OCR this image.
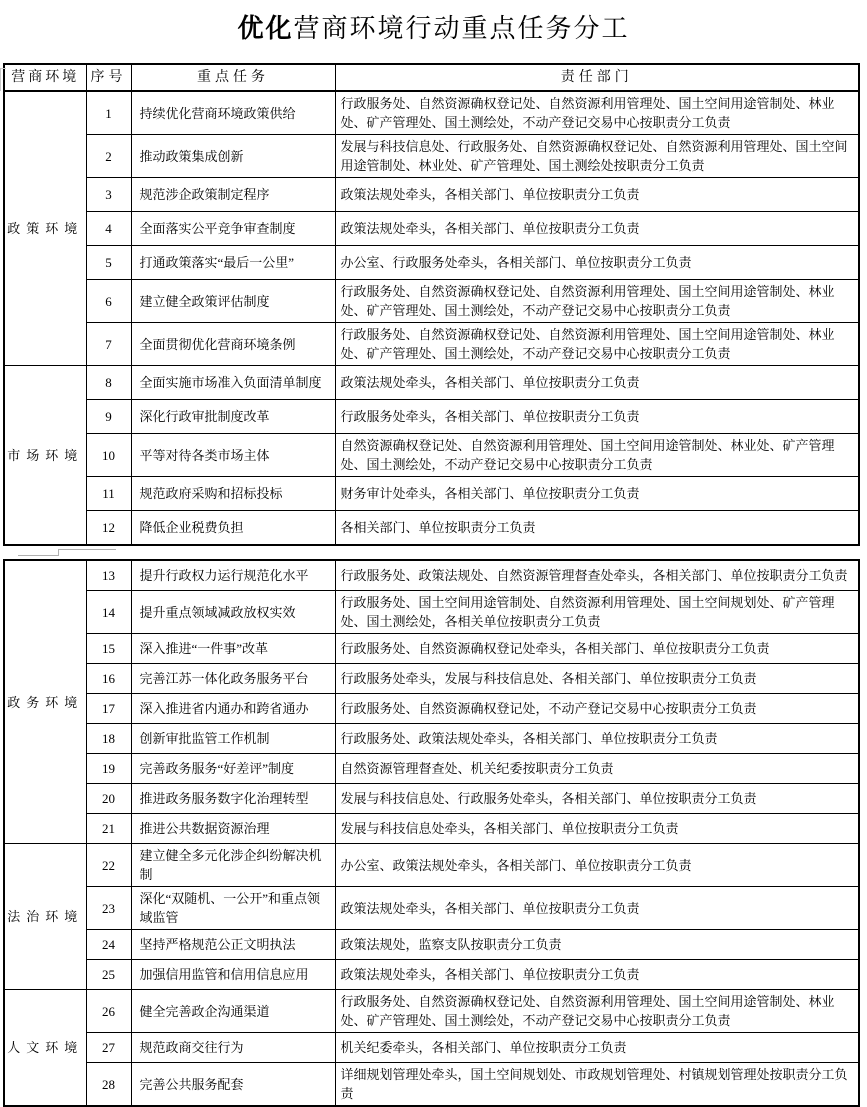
优化营商环境行动重点任务分工
营商环境	序号	重点任务	责任部门
政策环境	1	持续优化营商环境政策供给	行政服务处、自然资源确权登记处、自然资源利用管理处、国土空间用途管制处、林业处、矿产管理处、国土测绘处，不动产登记交易中心按职责分工负责
	2	推动政策集成创新	发展与科技信息处、行政服务处、自然资源确权登记处、自然资源利用管理处、国土空间用途管制处、林业处、矿产管理处、国土测绘处按职责分工负责
	3	规范涉企政策制定程序	政策法规处牵头，各相关部门、单位按职责分工负责
	4	全面落实公平竞争审查制度	政策法规处牵头，各相关部门、单位按职责分工负责
	5	打通政策落实“最后一公里”	办公室、行政服务处牵头，各相关部门、单位按职责分工负责
	6	建立健全政策评估制度	行政服务处、自然资源确权登记处、自然资源利用管理处、国土空间用途管制处、林业处、矿产管理处、国土测绘处，不动产登记交易中心按职责分工负责
	7	全面贯彻优化营商环境条例	行政服务处、自然资源确权登记处、自然资源利用管理处、国土空间用途管制处、林业处、矿产管理处、国土测绘处，不动产登记交易中心按职责分工负责
市场环境	8	全面实施市场准入负面清单制度	政策法规处牵头，各相关部门、单位按职责分工负责
	9	深化行政审批制度改革	行政服务处牵头，各相关部门、单位按职责分工负责
	10	平等对待各类市场主体	自然资源确权登记处、自然资源利用管理处、国土空间用途管制处、林业处、矿产管理处、国土测绘处，不动产登记交易中心按职责分工负责
	11	规范政府采购和招标投标	财务审计处牵头，各相关部门、单位按职责分工负责
	12	降低企业税费负担	各相关部门、单位按职责分工负责
政务环境	13	提升行政权力运行规范化水平	行政服务处、政策法规处、自然资源管理督查处牵头，各相关部门、单位按职责分工负责
	14	提升重点领域减政放权实效	行政服务处、国土空间用途管制处、自然资源利用管理处、国土空间规划处、矿产管理处、国土测绘处，各相关单位按职责分工负责
	15	深入推进“一件事”改革	行政服务处、自然资源确权登记处牵头，各相关部门、单位按职责分工负责
	16	完善江苏一体化政务服务平台	行政服务处牵头，发展与科技信息处、各相关部门、单位按职责分工负责
	17	深入推进省内通办和跨省通办	行政服务处、自然资源确权登记处，不动产登记交易中心按职责分工负责
	18	创新审批监管工作机制	行政服务处、政策法规处牵头，各相关部门、单位按职责分工负责
	19	完善政务服务“好差评”制度	自然资源管理督查处、机关纪委按职责分工负责
	20	推进政务服务数字化治理转型	发展与科技信息处、行政服务处牵头，各相关部门、单位按职责分工负责
	21	推进公共数据资源治理	发展与科技信息处牵头，各相关部门、单位按职责分工负责
法治环境	22	建立健全多元化涉企纠纷解决机制	办公室、政策法规处牵头，各相关部门、单位按职责分工负责
	23	深化“双随机、一公开”和重点领域监管	政策法规处牵头，各相关部门、单位按职责分工负责
	24	坚持严格规范公正文明执法	政策法规处，监察支队按职责分工负责
	25	加强信用监管和信用信息应用	政策法规处牵头，各相关部门、单位按职责分工负责
人文环境	26	健全完善政企沟通渠道	行政服务处、自然资源确权登记处、自然资源利用管理处、国土空间用途管制处、林业处、矿产管理处、国土测绘处，不动产登记交易中心按职责分工负责
	27	规范政商交往行为	机关纪委牵头，各相关部门、单位按职责分工负责
	28	完善公共服务配套	详细规划管理处牵头，国土空间规划处、市政规划管理处、村镇规划管理处按职责分工负责
